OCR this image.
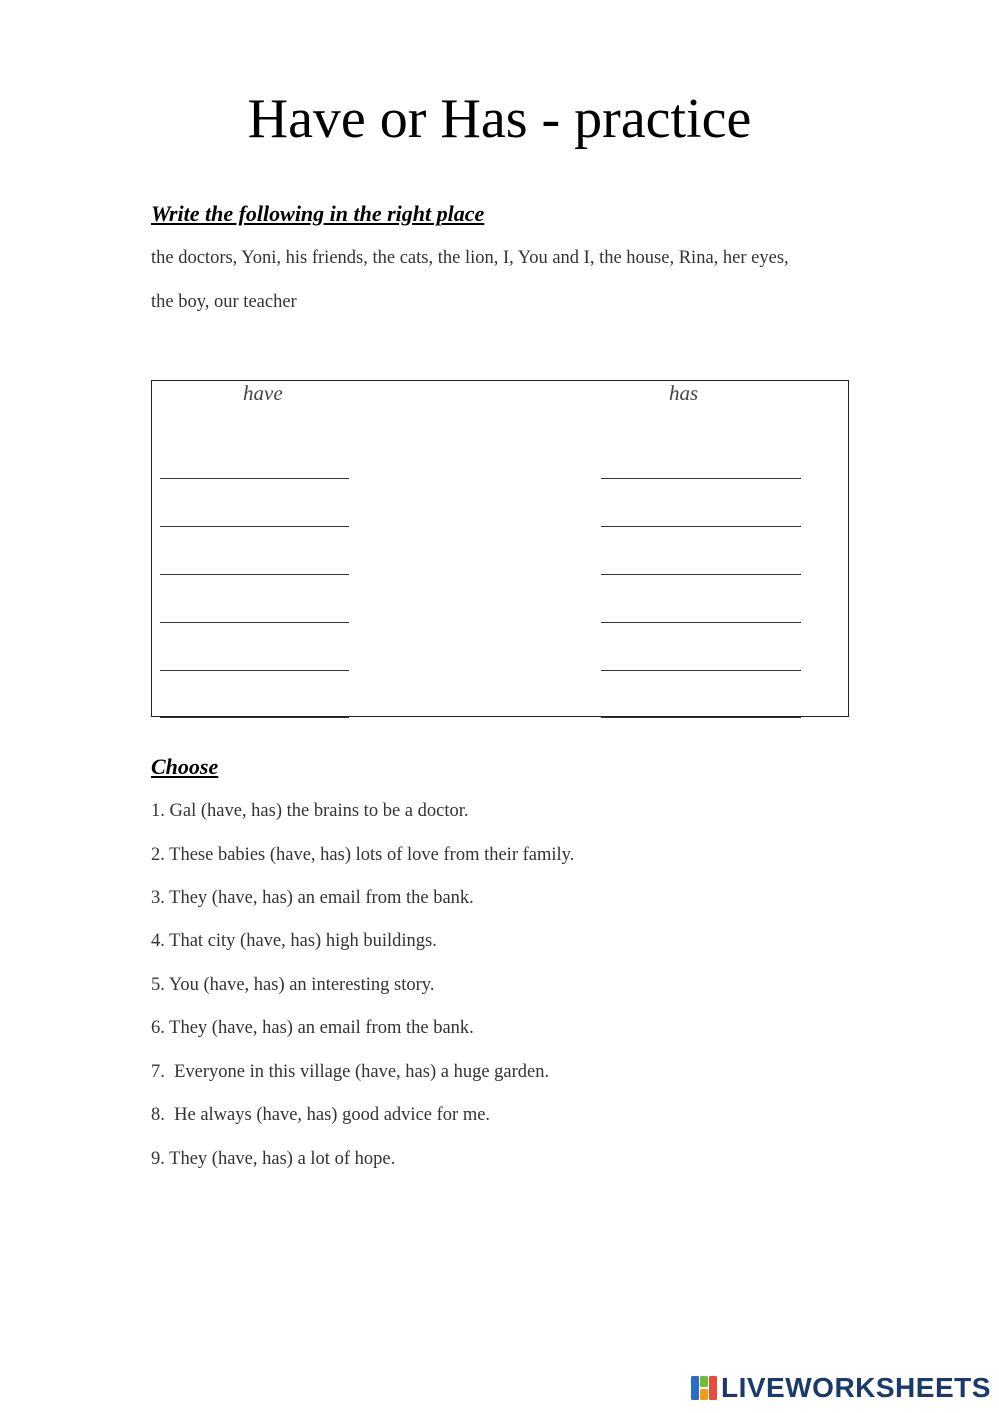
Have or Has - practice
Write the following in the right place

the doctors, Yoni, his friends, the cats, the lion, I, You and I, the house, Rina, her eyes,

the boy, our teacher

have	has
Choose

1. Gal (have, has) the brains to be a doctor.

2. These babies (have, has) lots of love from their family.

3. They (have, has) an email from the bank.

4. That city (have, has) high buildings.

5. You (have, has) an interesting story.

6. They (have, has) an email from the bank.

7.  Everyone in this village (have, has) a huge garden.

8.  He always (have, has) good advice for me.

9. They (have, has) a lot of hope.

LIVEWORKSHEETS
